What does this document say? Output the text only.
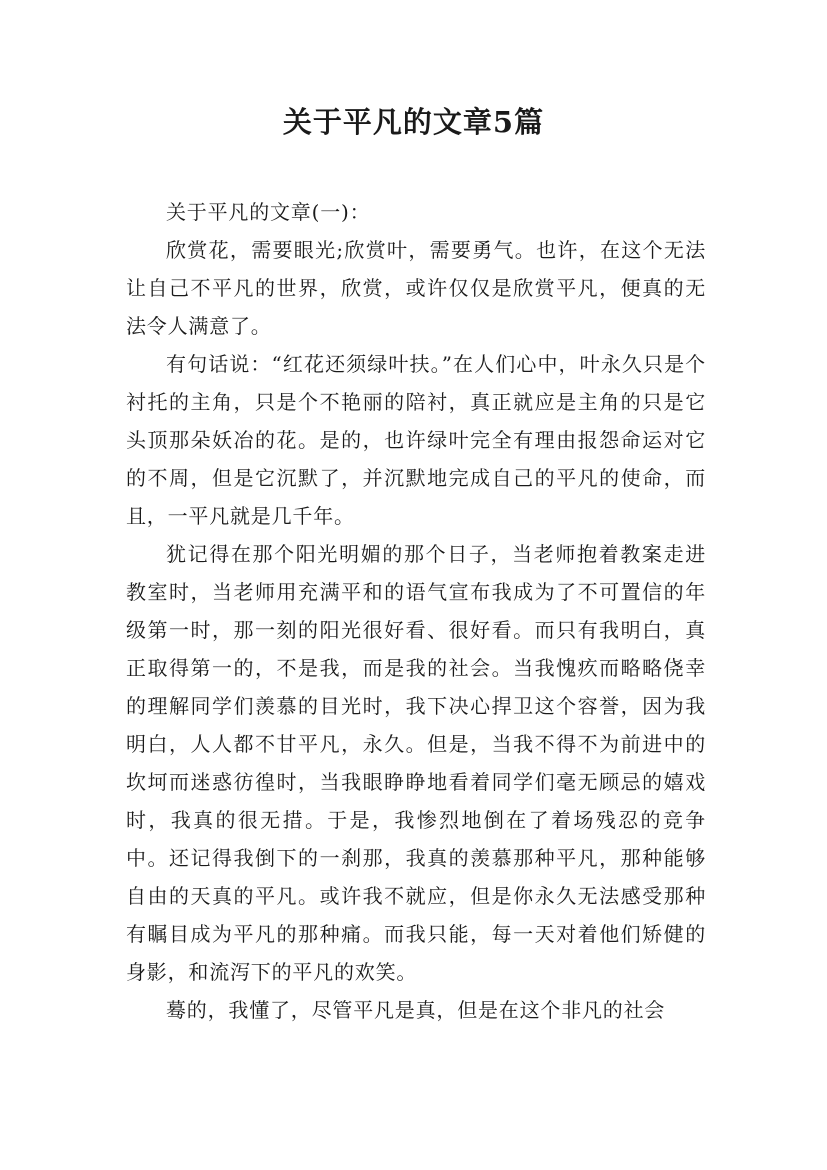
关于平凡的文章5篇

关于平凡的文章(一)：

欣赏花，需要眼光;欣赏叶，需要勇气。也许，在这个无法让自己不平凡的世界，欣赏，或许仅仅是欣赏平凡，便真的无法令人满意了。

有句话说：“红花还须绿叶扶。”在人们心中，叶永久只是个衬托的主角，只是个不艳丽的陪衬，真正就应是主角的只是它头顶那朵妖冶的花。是的，也许绿叶完全有理由报怨命运对它的不周，但是它沉默了，并沉默地完成自己的平凡的使命，而且，一平凡就是几千年。

犹记得在那个阳光明媚的那个日子，当老师抱着教案走进教室时，当老师用充满平和的语气宣布我成为了不可置信的年级第一时，那一刻的阳光很好看、很好看。而只有我明白，真正取得第一的，不是我，而是我的社会。当我愧疚而略略侥幸的理解同学们羡慕的目光时，我下决心捍卫这个容誉，因为我明白，人人都不甘平凡，永久。但是，当我不得不为前进中的坎坷而迷惑彷徨时，当我眼睁睁地看着同学们毫无顾忌的嬉戏时，我真的很无措。于是，我惨烈地倒在了着场残忍的竞争中。还记得我倒下的一刹那，我真的羡慕那种平凡，那种能够自由的天真的平凡。或许我不就应，但是你永久无法感受那种有瞩目成为平凡的那种痛。而我只能，每一天对着他们矫健的身影，和流泻下的平凡的欢笑。

蓦的，我懂了，尽管平凡是真，但是在这个非凡的社会
